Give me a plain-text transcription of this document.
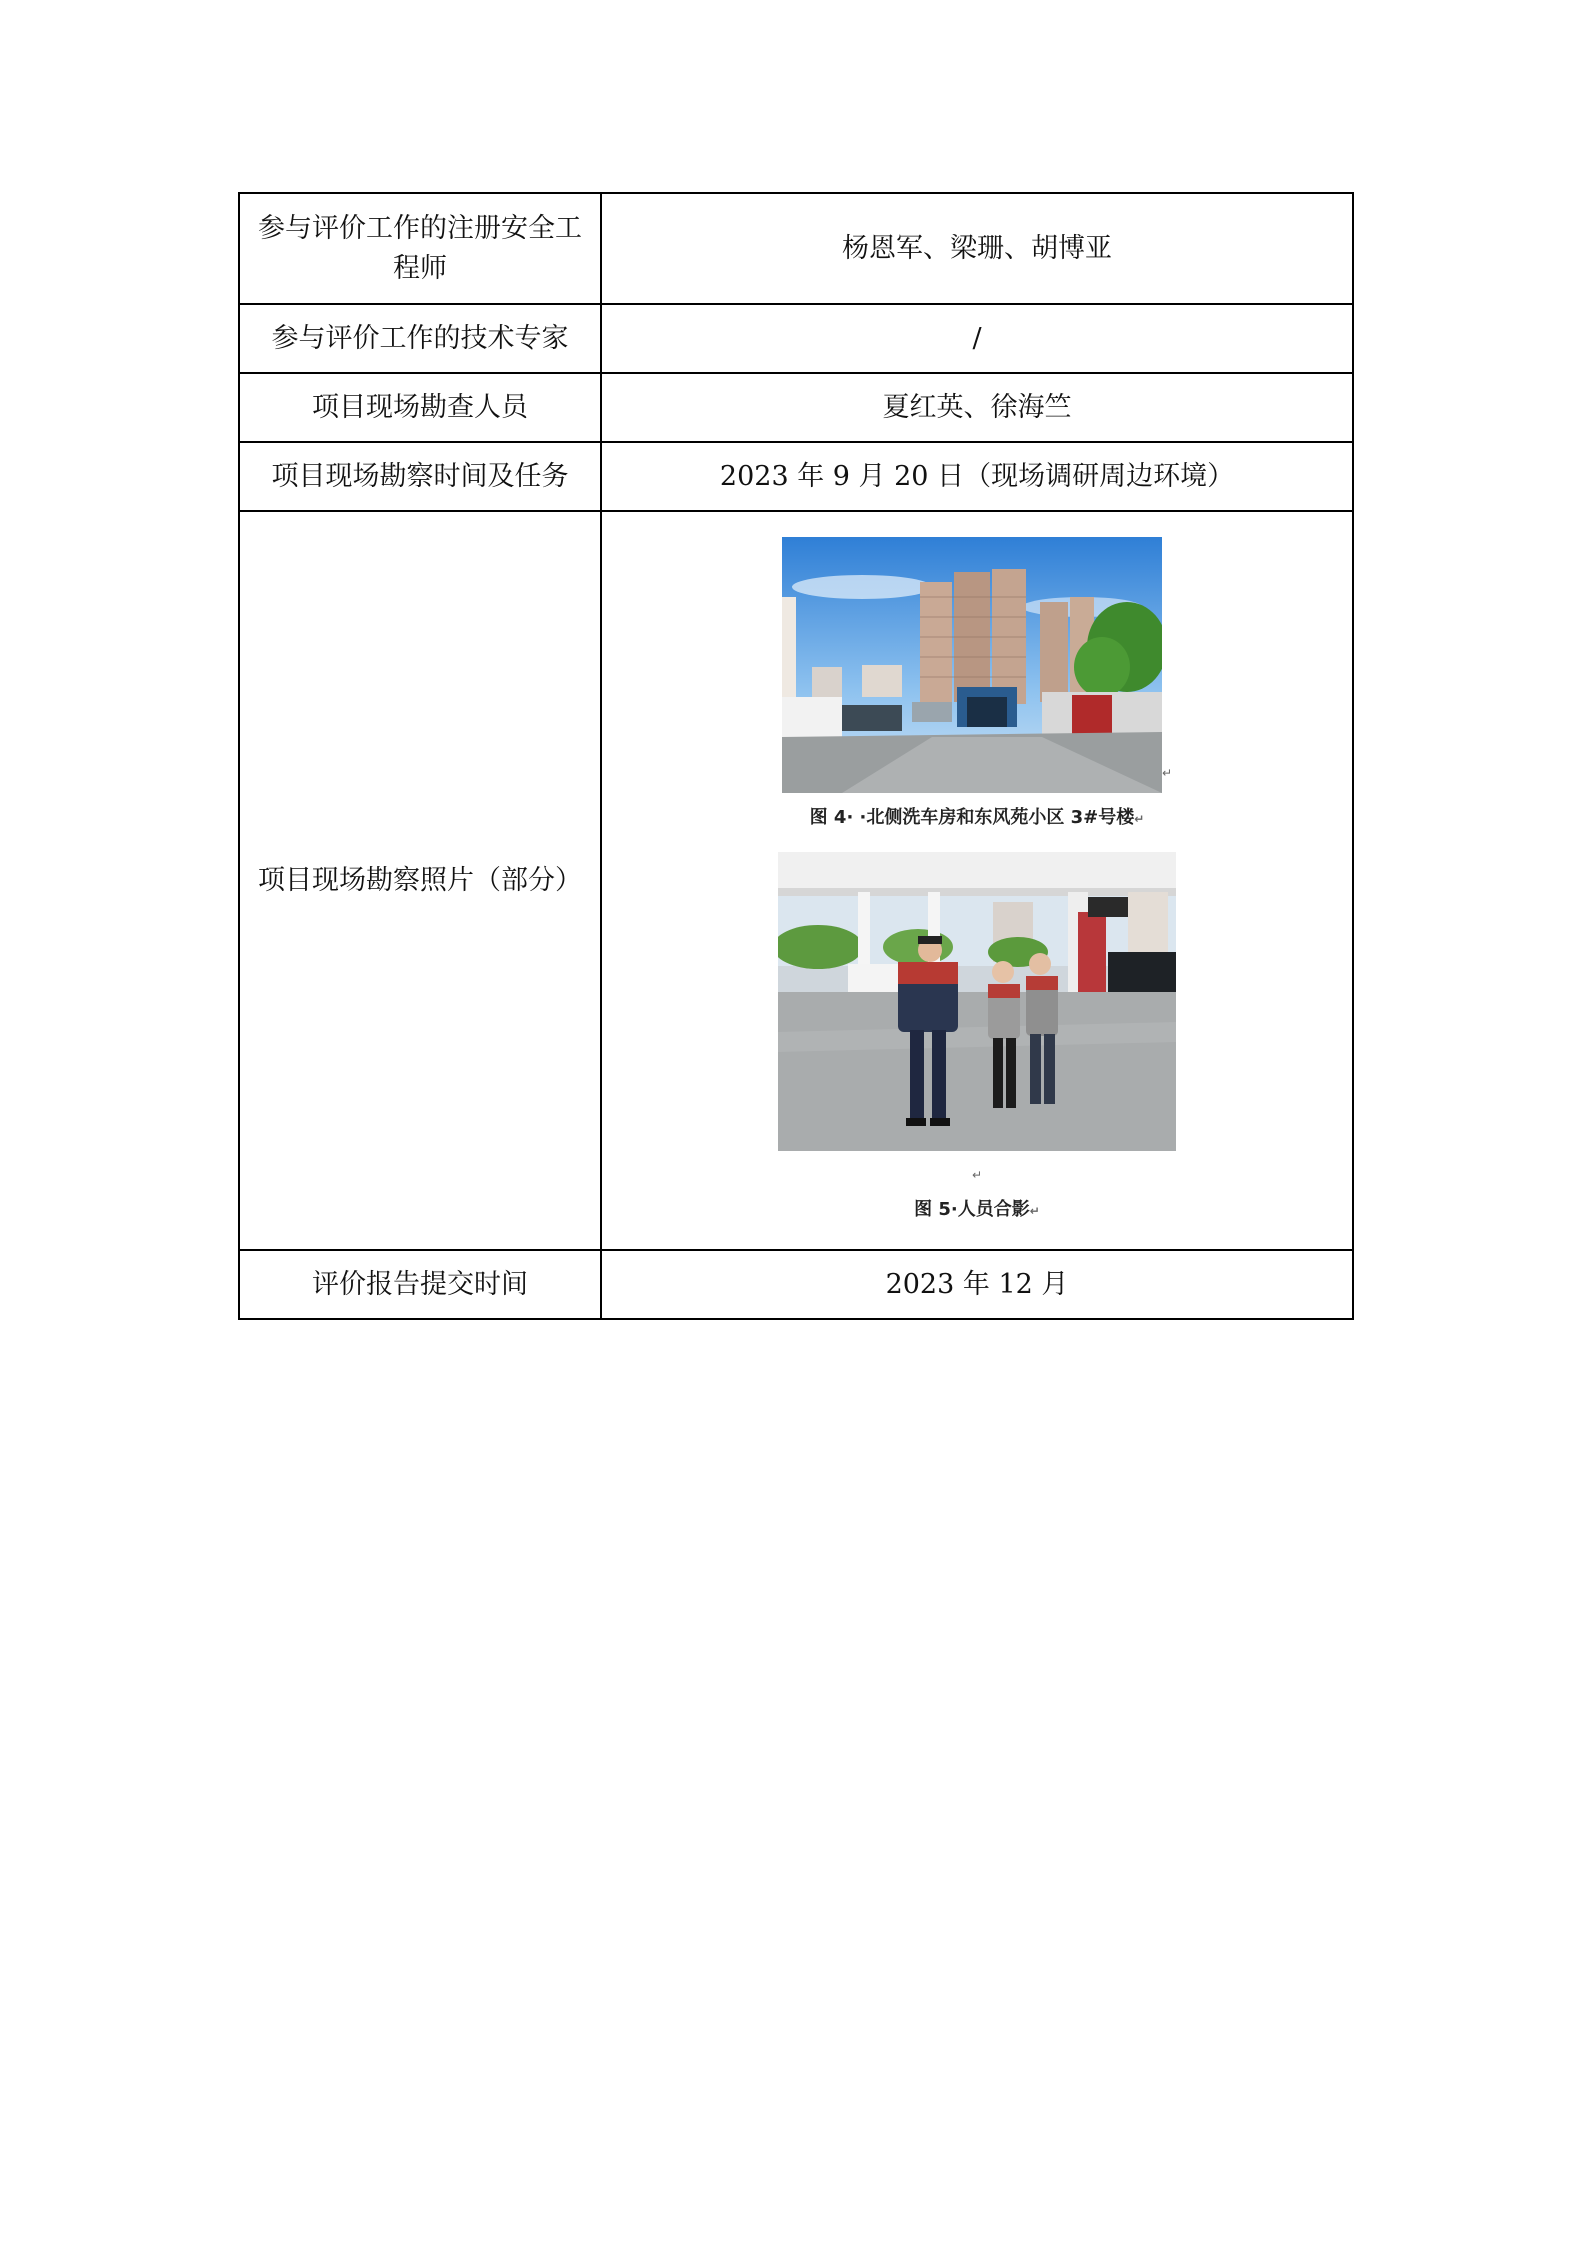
参与评价工作的注册安全工
程师	杨恩军、梁珊、胡博亚
参与评价工作的技术专家	/
项目现场勘查人员	夏红英、徐海竺
项目现场勘察时间及任务	2023 年 9 月 20 日（现场调研周边环境）
项目现场勘察照片（部分）	↵
图 4· ·北侧洗车房和东风苑小区 3#号楼↵
↵
图 5·人员合影↵

评价报告提交时间	2023 年 12 月
